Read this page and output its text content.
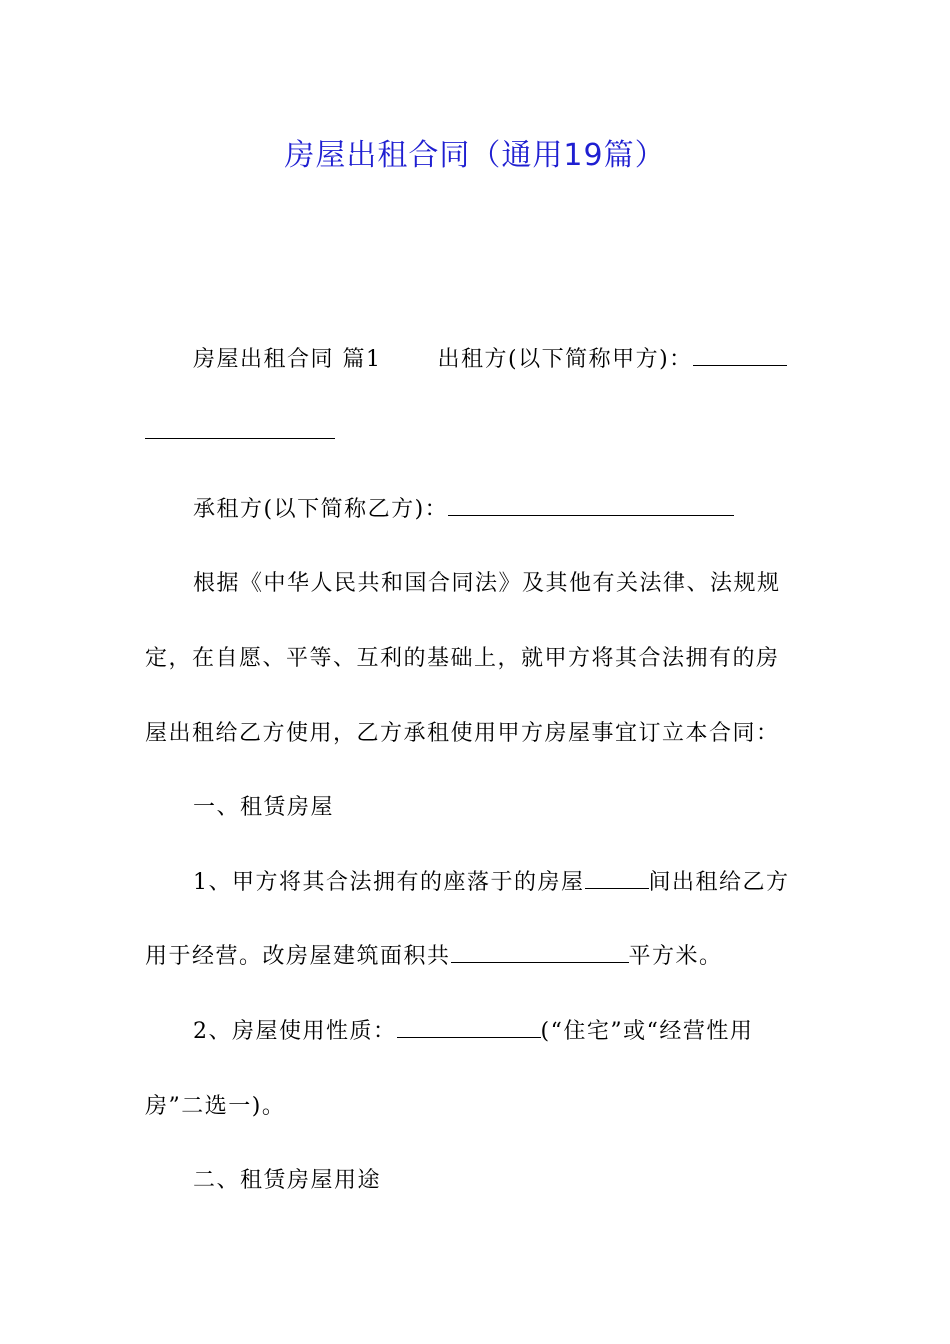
房屋出租合同（通用19篇）
房屋出租合同 篇1	出租方(以下简称甲方)：
承租方(以下简称乙方)：
根据《中华人民共和国合同法》及其他有关法律、法规规
定，在自愿、平等、互利的基础上，就甲方将其合法拥有的房
屋出租给乙方使用，乙方承租使用甲方房屋事宜订立本合同：
一、租赁房屋
1、甲方将其合法拥有的座落于的房屋	间出租给乙方
用于经营。改房屋建筑面积共	平方米。
2、房屋使用性质：	(“住宅”或“经营性用
房”二选一)。
二、租赁房屋用途
